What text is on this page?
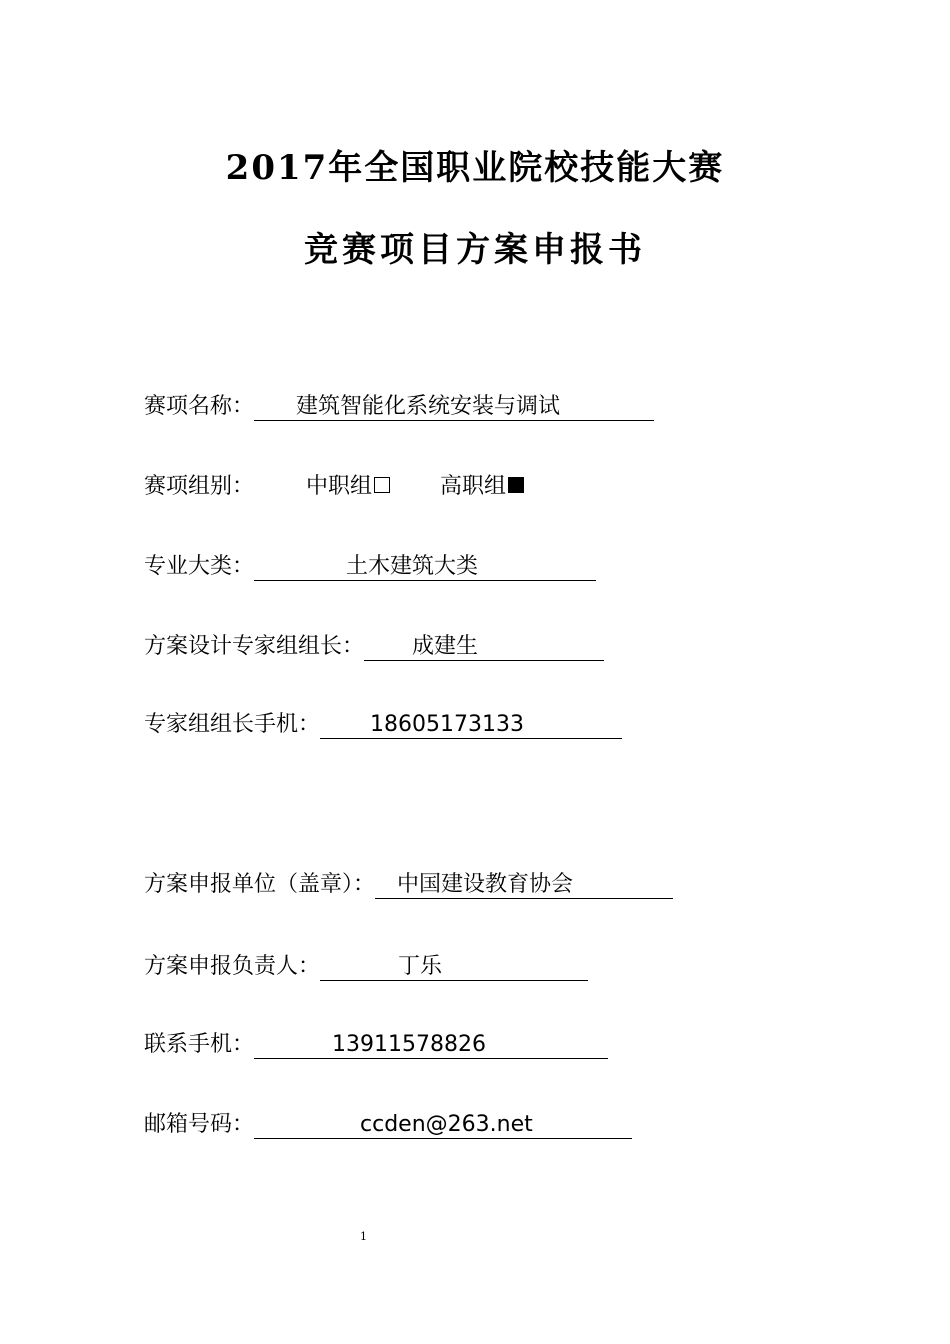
2017年全国职业院校技能大赛
竞赛项目方案申报书
赛项名称： 建筑智能化系统安装与调试
赛项组别： 中职组	高职组
专业大类：	土木建筑大类
方案设计专家组组长： 成建生
专家组组长手机： 18605173133
方案申报单位（盖章）： 中国建设教育协会
方案申报负责人：	丁乐
联系手机：	13911578826
邮箱号码：	ccden@263.net
1
